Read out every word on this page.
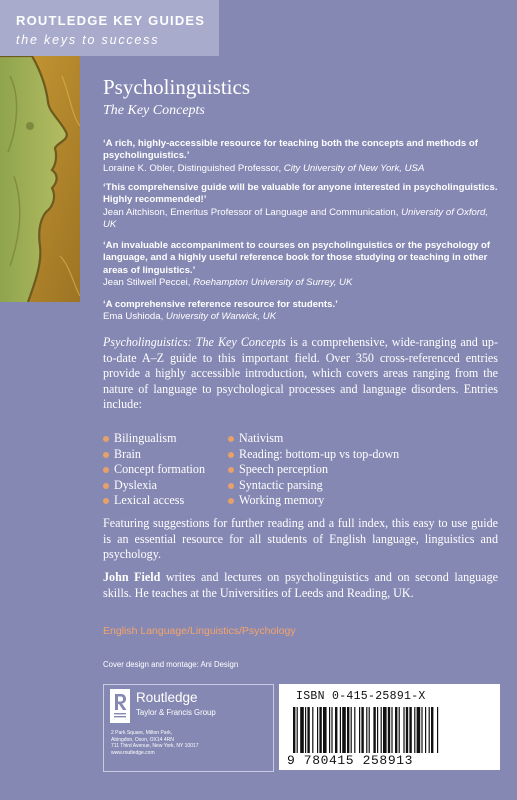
ROUTLEDGE KEY GUIDES
the keys to success
Psycholinguistics
The Key Concepts

‘A rich, highly-accessible resource for teaching both the concepts and methods of psycholinguistics.’

Loraine K. Obler, Distinguished Professor, City University of New York, USA

‘This comprehensive guide will be valuable for anyone interested in psycholinguistics. Highly recommended!’

Jean Aitchison, Emeritus Professor of Language and Communication, University of Oxford, UK

‘An invaluable accompaniment to courses on psycholinguistics or the psychology of language, and a highly useful reference book for those studying or teaching in other areas of linguistics.’

Jean Stilwell Peccei, Roehampton University of Surrey, UK

‘A comprehensive reference resource for students.’

Ema Ushioda, University of Warwick, UK

Psycholinguistics: The Key Concepts is a comprehensive, wide-ranging and up-to-date A–Z guide to this important field. Over 350 cross-referenced entries provide a highly accessible introduction, which covers areas ranging from the nature of language to psychological processes and language disorders. Entries include:

Bilingualism
Brain
Concept formation
Dyslexia
Lexical access
Nativism
Reading: bottom-up vs top-down
Speech perception
Syntactic parsing
Working memory

Featuring suggestions for further reading and a full index, this easy to use guide is an essential resource for all students of English language, linguistics and psychology.

John Field writes and lectures on psycholinguistics and on second language skills. He teaches at the Universities of Leeds and Reading, UK.

English Language/Linguistics/Psychology
Cover design and montage: Ani Design
Routledge
Taylor & Francis Group
2 Park Square, Milton Park,
Abingdon, Oxon, OX14 4RN
711 Third Avenue, New York, NY 10017
www.routledge.com
ISBN 0-415-25891-X
9 780415 258913
